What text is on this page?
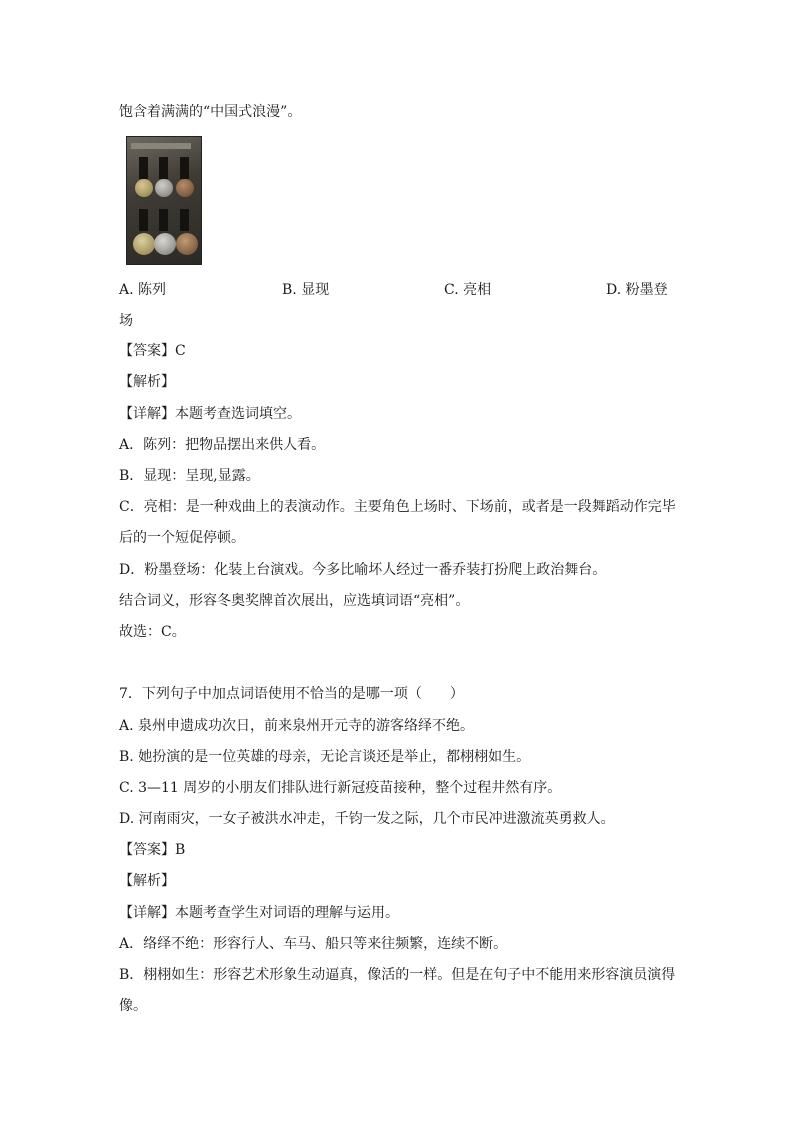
饱含着满满的“中国式浪漫”。
A. 陈列	B. 显现	C. 亮相	D. 粉墨登
场
【答案】C
【解析】
【详解】本题考查选词填空。
A．陈列：把物品摆出来供人看。
B．显现：呈现,显露。
C．亮相：是一种戏曲上的表演动作。主要角色上场时、下场前，或者是一段舞蹈动作完毕
后的一个短促停顿。
D．粉墨登场：化装上台演戏。今多比喻坏人经过一番乔装打扮爬上政治舞台。
结合词义，形容冬奥奖牌首次展出，应选填词语“亮相”。
故选：C。
7．下列句子中加点词语使用不恰当的是哪一项（　　）
A. 泉州申遗成功次日，前来泉州开元寺的游客络绎不绝。
B. 她扮演的是一位英雄的母亲，无论言谈还是举止，都栩栩如生。
C. 3—11 周岁的小朋友们排队进行新冠疫苗接种，整个过程井然有序。
D. 河南雨灾，一女子被洪水冲走，千钧一发之际，几个市民冲进激流英勇救人。
【答案】B
【解析】
【详解】本题考查学生对词语的理解与运用。
A．络绎不绝：形容行人、车马、船只等来往频繁，连续不断。
B．栩栩如生：形容艺术形象生动逼真，像活的一样。但是在句子中不能用来形容演员演得
像。
